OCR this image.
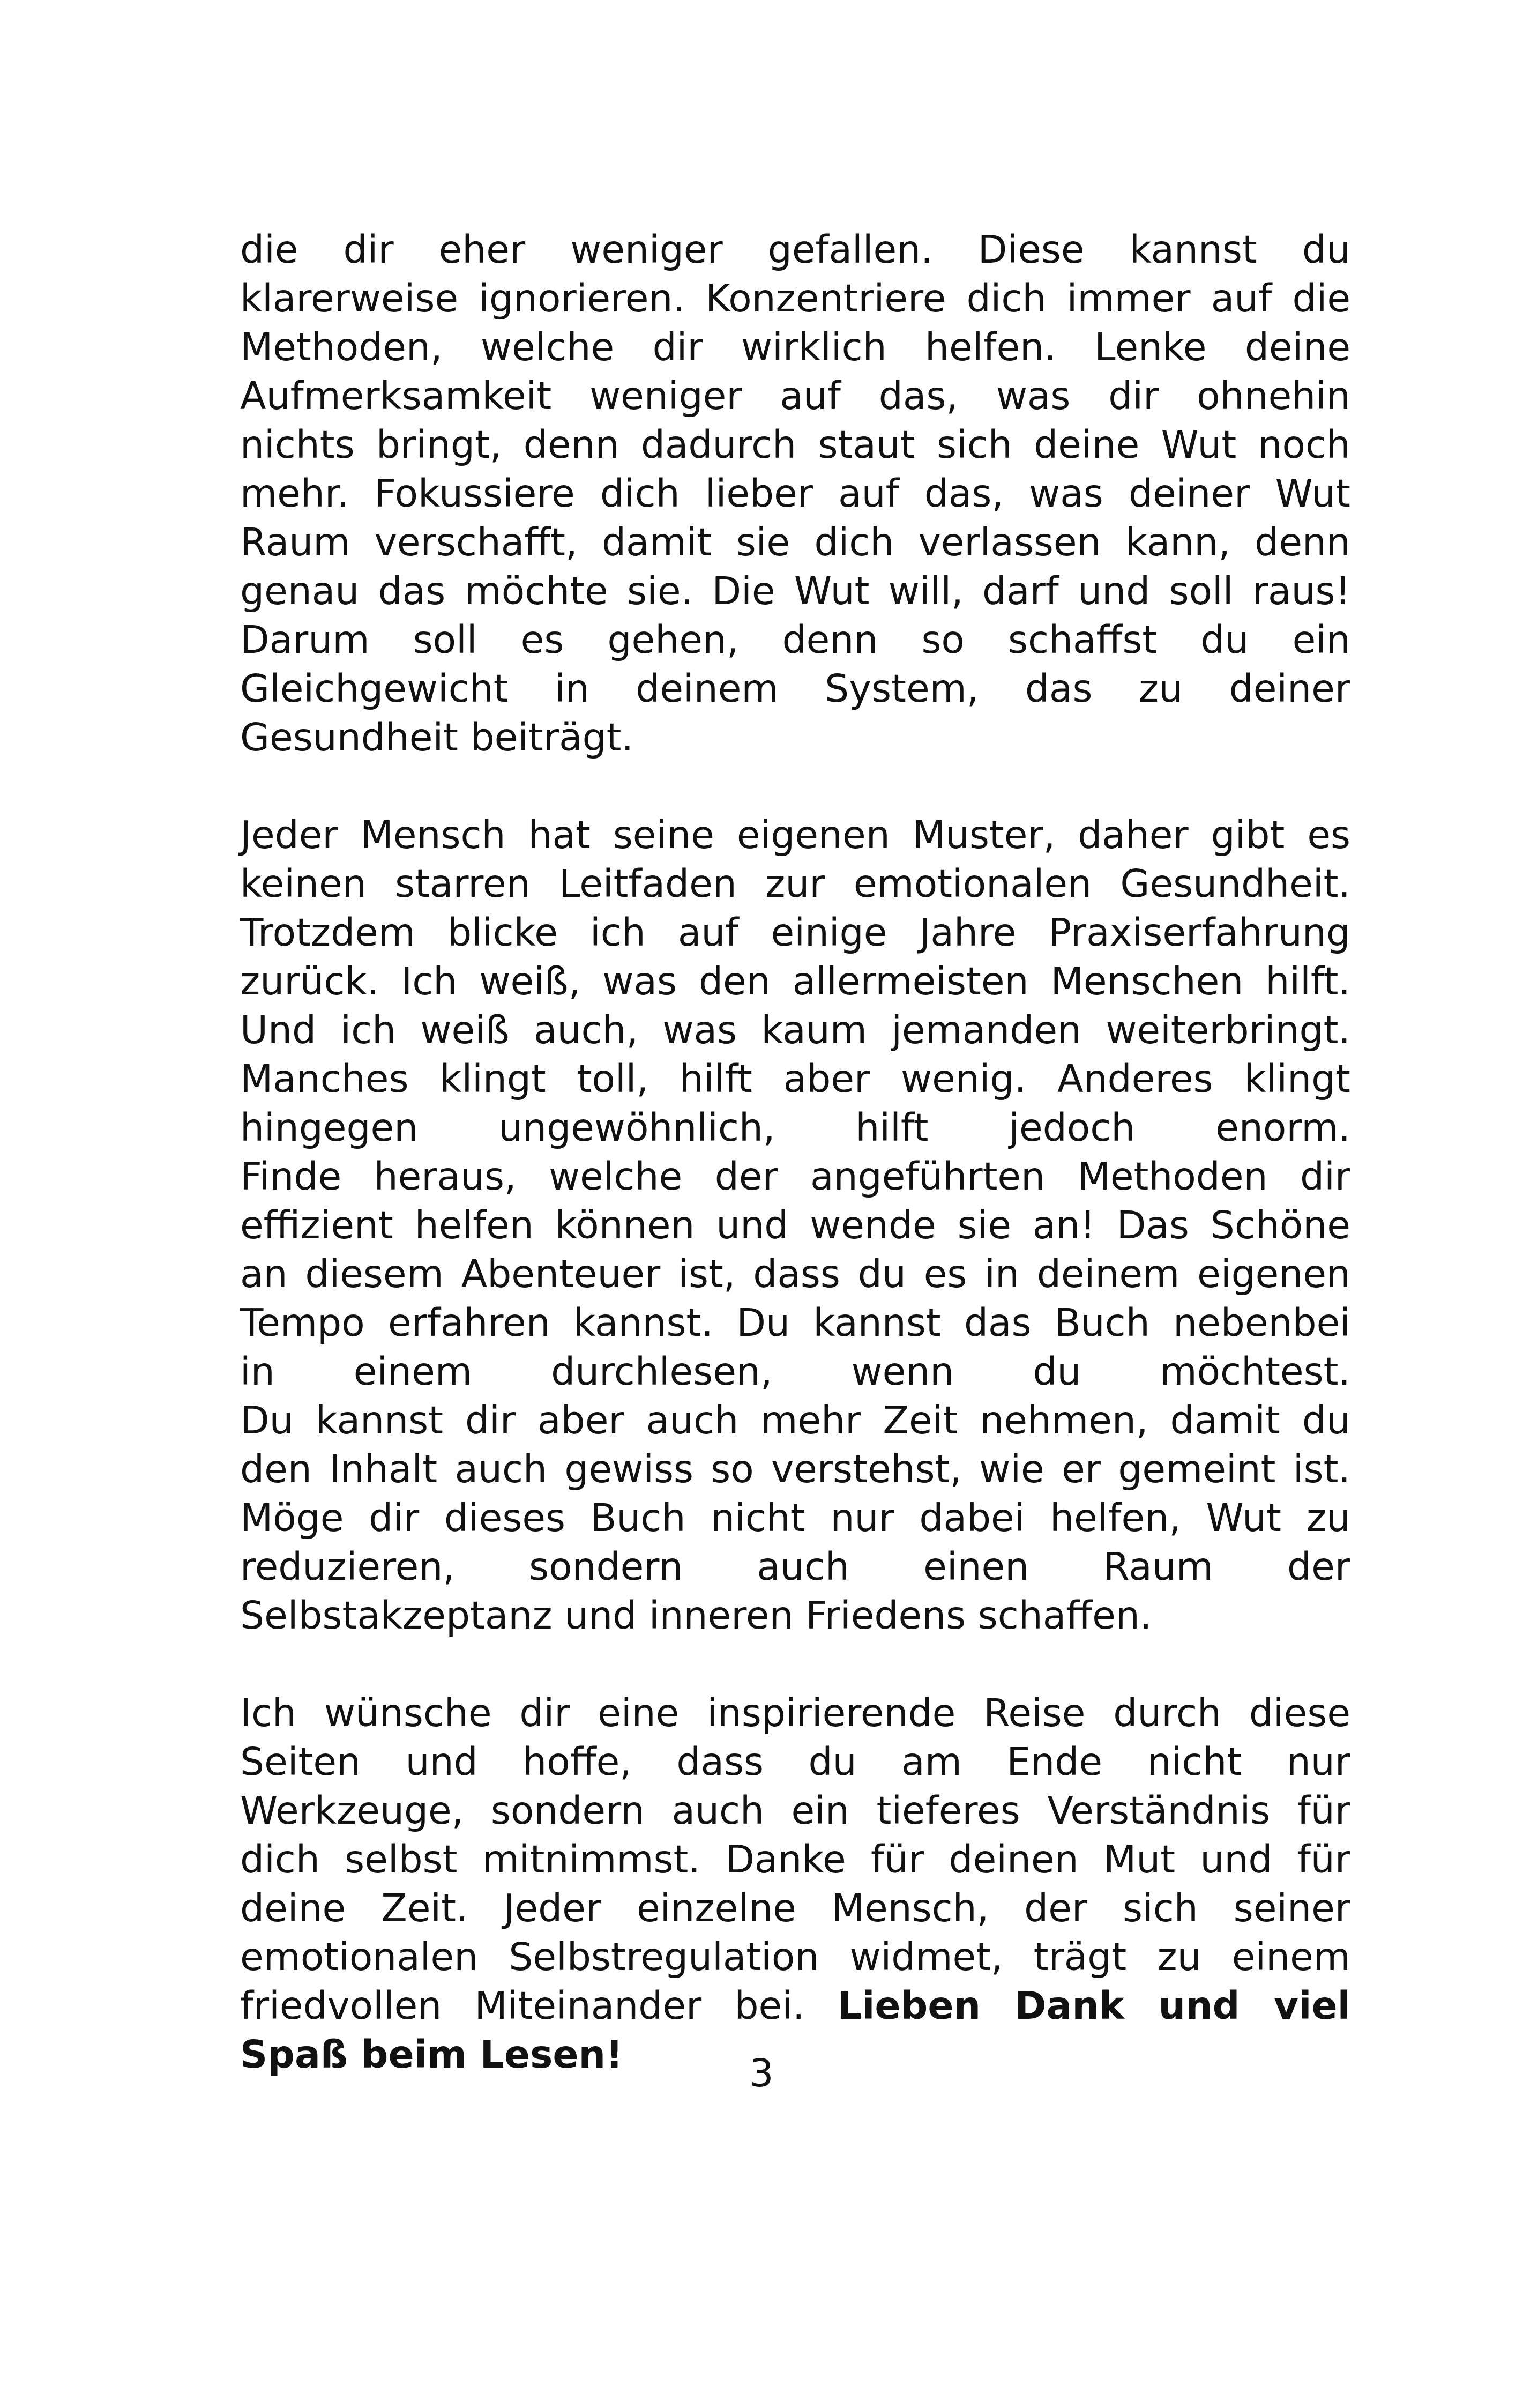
die dir eher weniger gefallen. Diese kannst du
klarerweise ignorieren. Konzentriere dich immer auf die
Methoden, welche dir wirklich helfen. Lenke deine
Aufmerksamkeit weniger auf das, was dir ohnehin
nichts bringt, denn dadurch staut sich deine Wut noch
mehr. Fokussiere dich lieber auf das, was deiner Wut
Raum verschafft, damit sie dich verlassen kann, denn
genau das möchte sie. Die Wut will, darf und soll raus!
Darum soll es gehen, denn so schaffst du ein
Gleichgewicht in deinem System, das zu deiner
Gesundheit beiträgt.
Jeder Mensch hat seine eigenen Muster, daher gibt es
keinen starren Leitfaden zur emotionalen Gesundheit.
Trotzdem blicke ich auf einige Jahre Praxiserfahrung
zurück. Ich weiß, was den allermeisten Menschen hilft.
Und ich weiß auch, was kaum jemanden weiterbringt.
Manches klingt toll, hilft aber wenig. Anderes klingt
hingegen ungewöhnlich, hilft jedoch enorm.
Finde heraus, welche der angeführten Methoden dir
effizient helfen können und wende sie an! Das Schöne
an diesem Abenteuer ist, dass du es in deinem eigenen
Tempo erfahren kannst. Du kannst das Buch nebenbei
in einem durchlesen, wenn du möchtest.
Du kannst dir aber auch mehr Zeit nehmen, damit du
den Inhalt auch gewiss so verstehst, wie er gemeint ist.
Möge dir dieses Buch nicht nur dabei helfen, Wut zu
reduzieren, sondern auch einen Raum der
Selbstakzeptanz und inneren Friedens schaffen.
Ich wünsche dir eine inspirierende Reise durch diese
Seiten und hoffe, dass du am Ende nicht nur
Werkzeuge, sondern auch ein tieferes Verständnis für
dich selbst mitnimmst. Danke für deinen Mut und für
deine Zeit. Jeder einzelne Mensch, der sich seiner
emotionalen Selbstregulation widmet, trägt zu einem
friedvollen Miteinander bei. Lieben Dank und viel
Spaß beim Lesen!	3
